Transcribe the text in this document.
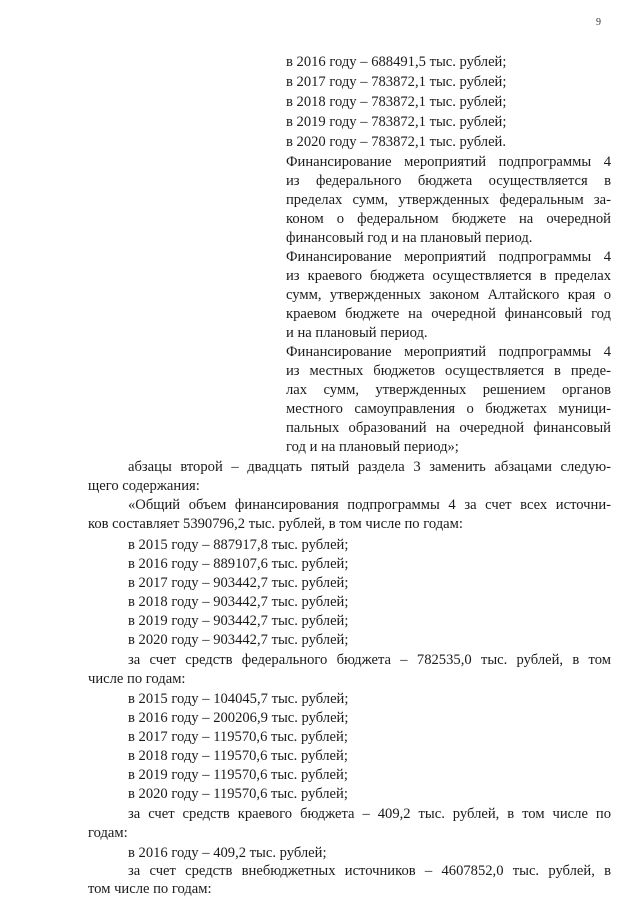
9
в 2016 году – 688491,5 тыс. рублей;
в 2017 году – 783872,1 тыс. рублей;
в 2018 году – 783872,1 тыс. рублей;
в 2019 году – 783872,1 тыс. рублей;
в 2020 году – 783872,1 тыс. рублей.
Финансирование мероприятий подпрограммы 4
из федерального бюджета осуществляется в
пределах сумм, утвержденных федеральным за-
коном о федеральном бюджете на очередной
финансовый год и на плановый период.
Финансирование мероприятий подпрограммы 4
из краевого бюджета осуществляется в пределах
сумм, утвержденных законом Алтайского края о
краевом бюджете на очередной финансовый год
и на плановый период.
Финансирование мероприятий подпрограммы 4
из местных бюджетов осуществляется в преде-
лах сумм, утвержденных решением органов
местного самоуправления о бюджетах муници-
пальных образований на очередной финансовый
год и на плановый период»;
абзацы второй – двадцать пятый раздела 3 заменить абзацами следую-
щего содержания:
«Общий объем финансирования подпрограммы 4 за счет всех источни-
ков составляет 5390796,2 тыс. рублей, в том числе по годам:
в 2015 году – 887917,8 тыс. рублей;
в 2016 году – 889107,6 тыс. рублей;
в 2017 году – 903442,7 тыс. рублей;
в 2018 году – 903442,7 тыс. рублей;
в 2019 году – 903442,7 тыс. рублей;
в 2020 году – 903442,7 тыс. рублей;
за счет средств федерального бюджета – 782535,0 тыс. рублей, в том
числе по годам:
в 2015 году – 104045,7 тыс. рублей;
в 2016 году – 200206,9 тыс. рублей;
в 2017 году – 119570,6 тыс. рублей;
в 2018 году – 119570,6 тыс. рублей;
в 2019 году – 119570,6 тыс. рублей;
в 2020 году – 119570,6 тыс. рублей;
за счет средств краевого бюджета – 409,2 тыс. рублей, в том числе по
годам:
в 2016 году – 409,2 тыс. рублей;
за счет средств внебюджетных источников – 4607852,0 тыс. рублей, в
том числе по годам:
